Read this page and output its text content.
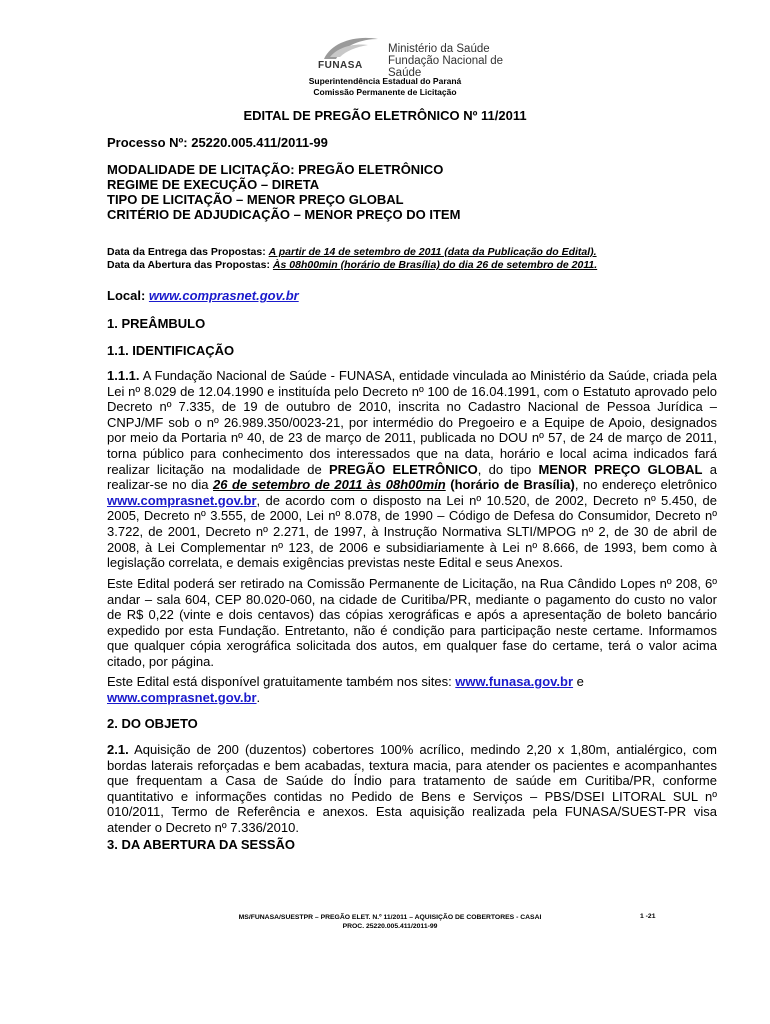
FUNASA
Ministério da Saúde
Fundação Nacional de Saúde
Superintendência Estadual do Paraná
Comissão Permanente de Licitação
EDITAL DE PREGÃO ELETRÔNICO Nº 11/2011
Processo Nº: 25220.005.411/2011-99
MODALIDADE DE LICITAÇÃO: PREGÃO ELETRÔNICO
REGIME DE EXECUÇÃO – DIRETA
TIPO DE LICITAÇÃO – MENOR PREÇO GLOBAL
CRITÉRIO DE ADJUDICAÇÃO – MENOR PREÇO DO ITEM
Data da Entrega das Propostas: A partir de 14 de setembro de 2011 (data da Publicação do Edital).
Data da Abertura das Propostas: Às 08h00min (horário de Brasília) do dia 26 de setembro de 2011.
Local: www.comprasnet.gov.br
1. PREÂMBULO
1.1. IDENTIFICAÇÃO
1.1.1. A Fundação Nacional de Saúde - FUNASA, entidade vinculada ao Ministério da Saúde, criada pela Lei nº 8.029 de 12.04.1990 e instituída pelo Decreto nº 100 de 16.04.1991, com o Estatuto aprovado pelo Decreto nº 7.335, de 19 de outubro de 2010, inscrita no Cadastro Nacional de Pessoa Jurídica – CNPJ/MF sob o nº 26.989.350/0023-21, por intermédio do Pregoeiro e a Equipe de Apoio, designados por meio da Portaria nº 40, de 23 de março de 2011, publicada no DOU nº 57, de 24 de março de 2011, torna público para conhecimento dos interessados que na data, horário e local acima indicados fará realizar licitação na modalidade de PREGÃO ELETRÔNICO, do tipo MENOR PREÇO GLOBAL a realizar-se no dia 26 de setembro de 2011 às 08h00min (horário de Brasília), no endereço eletrônico www.comprasnet.gov.br, de acordo com o disposto na Lei nº 10.520, de 2002, Decreto nº 5.450, de 2005, Decreto nº 3.555, de 2000, Lei nº 8.078, de 1990 – Código de Defesa do Consumidor, Decreto nº 3.722, de 2001, Decreto nº 2.271, de 1997, à Instrução Normativa SLTI/MPOG nº 2, de 30 de abril de 2008, à Lei Complementar nº 123, de 2006 e subsidiariamente à Lei nº 8.666, de 1993, bem como à legislação correlata, e demais exigências previstas neste Edital e seus Anexos.
Este Edital poderá ser retirado na Comissão Permanente de Licitação, na Rua Cândido Lopes nº 208, 6º andar – sala 604, CEP 80.020-060, na cidade de Curitiba/PR, mediante o pagamento do custo no valor de R$ 0,22 (vinte e dois centavos) das cópias xerográficas e após a apresentação de boleto bancário expedido por esta Fundação. Entretanto, não é condição para participação neste certame. Informamos que qualquer cópia xerográfica solicitada dos autos, em qualquer fase do certame, terá o valor acima citado, por página.
Este Edital está disponível gratuitamente também nos sites: www.funasa.gov.br e
www.comprasnet.gov.br.
2. DO OBJETO
2.1. Aquisição de 200 (duzentos) cobertores 100% acrílico, medindo 2,20 x 1,80m, antialérgico, com bordas laterais reforçadas e bem acabadas, textura macia, para atender os pacientes e acompanhantes que frequentam a Casa de Saúde do Índio para tratamento de saúde em Curitiba/PR, conforme quantitativo e informações contidas no Pedido de Bens e Serviços – PBS/DSEI LITORAL SUL nº 010/2011, Termo de Referência e anexos. Esta aquisição realizada pela FUNASA/SUEST-PR visa atender o Decreto nº 7.336/2010.
3. DA ABERTURA DA SESSÃO
MS/FUNASA/SUESTPR – PREGÃO ELET. N.º 11/2011 – AQUISIÇÃO DE COBERTORES - CASAI
PROC. 25220.005.411/2011-99
1 -21
